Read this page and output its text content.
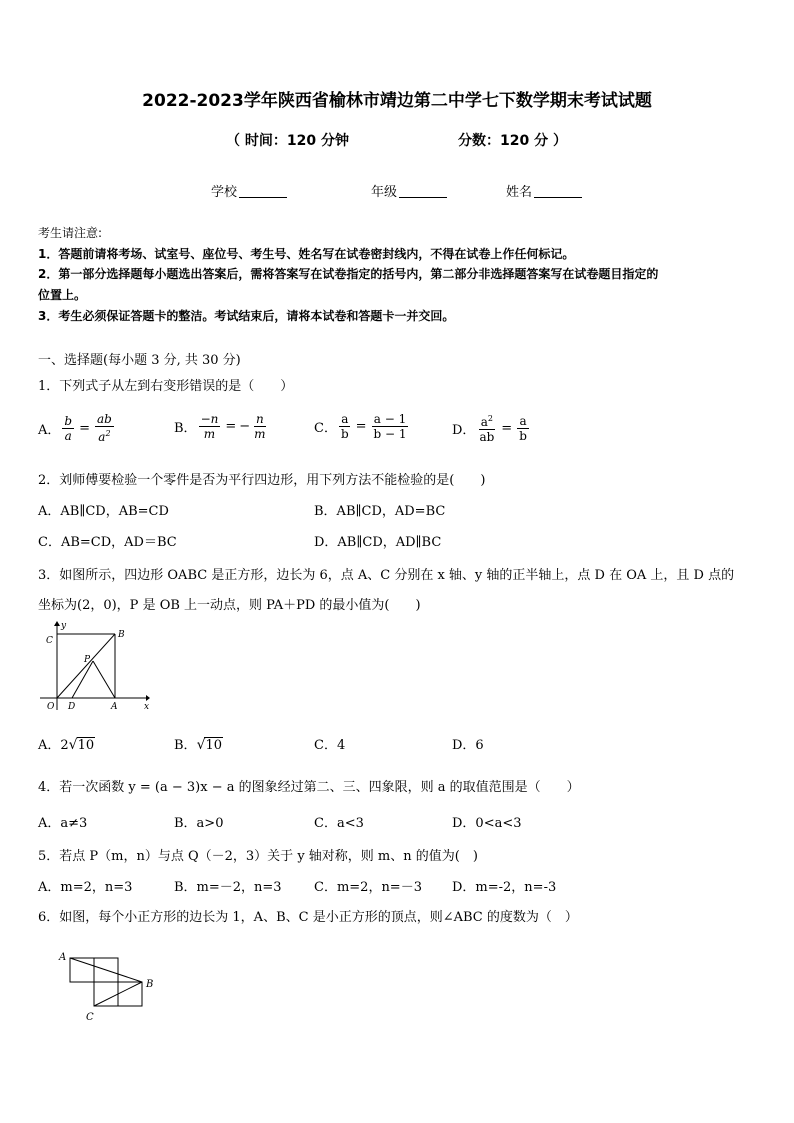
2022-2023学年陕西省榆林市靖边第二中学七下数学期末考试试题
（ 时间：120 分钟	分数：120 分 ）
学校	年级	姓名
考生请注意:
1．答题前请将考场、试室号、座位号、考生号、姓名写在试卷密封线内，不得在试卷上作任何标记。
2．第一部分选择题每小题选出答案后，需将答案写在试卷指定的括号内，第二部分非选择题答案写在试卷题目指定的
位置上。
3．考生必须保证答题卡的整洁。考试结束后，请将本试卷和答题卡一并交回。
一、选择题(每小题 3 分, 共 30 分)
1．下列式子从左到右变形错误的是（　　）
A． $\frac{b}{a} = \frac{ab}{a^2}$	B． $\frac{-n}{m}$ = − $\frac{n}{m}$	C． $\frac{a}{b} = \frac{a - 1}{b - 1}$	D． $\frac{a^2}{ab} = \frac{a}{b}$
2．刘师傅要检验一个零件是否为平行四边形，用下列方法不能检验的是(　　)
A．AB∥CD，AB=CD	B．AB∥CD，AD=BC
C．AB=CD，AD＝BC	D．AB∥CD，AD∥BC
3．如图所示，四边形 OABC 是正方形，边长为 6，点 A、C 分别在 x 轴、y 轴的正半轴上，点 D 在 OA 上，且 D 点的
坐标为(2，0)，P 是 OB 上一动点，则 PA＋PD 的最小值为(　　)
y
x
C
B
P
O D	A
A．2√10	B．√10	C．4	D．6
4．若一次函数 y = (a − 3)x − a 的图象经过第二、三、四象限，则 a 的取值范围是（　　）
A．a≠3	B．a>0	C．a<3	D．0<a<3
5．若点 P（m，n）与点 Q（－2，3）关于 y 轴对称，则 m、n 的值为(　)
A．m=2，n=3	B．m=－2，n=3 C．m=2，n=－3 D．m=-2，n=-3
6．如图，每个小正方形的边长为 1，A、B、C 是小正方形的顶点，则∠ABC 的度数为（　）
A
B
C
